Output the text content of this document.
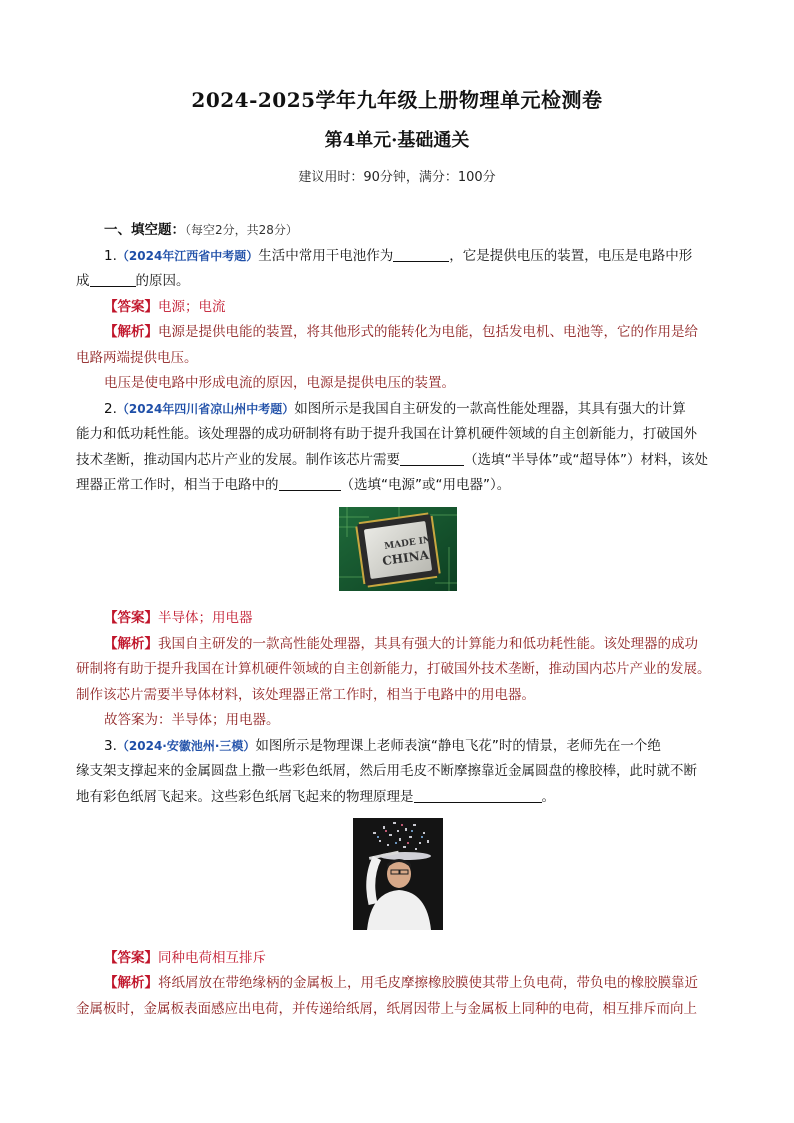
2024-2025学年九年级上册物理单元检测卷
第4单元·基础通关
建议用时：90分钟，满分：100分
一、填空题：（每空2分，共28分）
1.（2024年江西省中考题）生活中常用干电池作为	，它是提供电压的装置，电压是电路中形
成	的原因。
【答案】电源；电流
【解析】电源是提供电能的装置，将其他形式的能转化为电能，包括发电机、电池等，它的作用是给
电路两端提供电压。
电压是使电路中形成电流的原因，电源是提供电压的装置。
2.（2024年四川省凉山州中考题）如图所示是我国自主研发的一款高性能处理器，其具有强大的计算
能力和低功耗性能。该处理器的成功研制将有助于提升我国在计算机硬件领域的自主创新能力，打破国外
技术垄断，推动国内芯片产业的发展。制作该芯片需要	（选填“半导体”或“超导体”）材料，该处
理器正常工作时，相当于电路中的	（选填“电源”或“用电器”）。
MADE IN
CHINA
【答案】半导体；用电器
【解析】我国自主研发的一款高性能处理器，其具有强大的计算能力和低功耗性能。该处理器的成功
研制将有助于提升我国在计算机硬件领域的自主创新能力，打破国外技术垄断，推动国内芯片产业的发展。
制作该芯片需要半导体材料，该处理器正常工作时，相当于电路中的用电器。
故答案为：半导体；用电器。
3.（2024·安徽池州·三模）如图所示是物理课上老师表演“静电飞花”时的情景，老师先在一个绝
缘支架支撑起来的金属圆盘上撒一些彩色纸屑，然后用毛皮不断摩擦靠近金属圆盘的橡胶棒，此时就不断
地有彩色纸屑飞起来。这些彩色纸屑飞起来的物理原理是	。
【答案】同种电荷相互排斥
【解析】将纸屑放在带绝缘柄的金属板上，用毛皮摩擦橡胶膜使其带上负电荷，带负电的橡胶膜靠近
金属板时，金属板表面感应出电荷，并传递给纸屑，纸屑因带上与金属板上同种的电荷，相互排斥而向上
